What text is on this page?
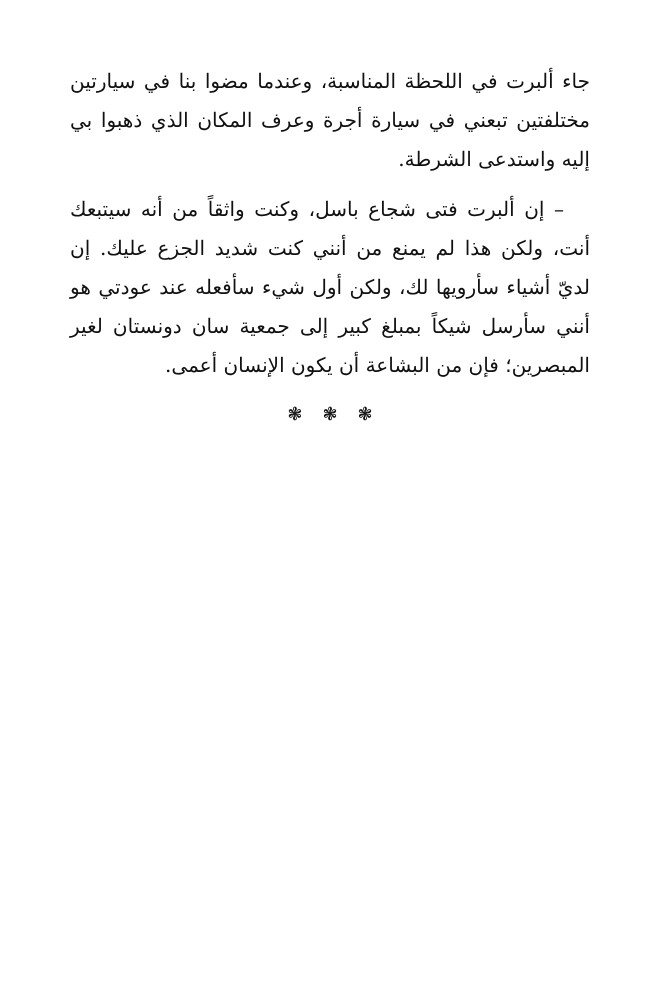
جاء ألبرت في اللحظة المناسبة، وعندما مضوا بنا في سيارتين مختلفتين تبعني في سيارة أجرة وعرف المكان الذي ذهبوا بي إليه واستدعى الشرطة.

– إن ألبرت فتى شجاع باسل، وكنت واثقاً من أنه سيتبعك أنت، ولكن هذا لم يمنع من أنني كنت شديد الجزع عليك. إن لديّ أشياء سأرويها لك، ولكن أول شيء سأفعله عند عودتي هو أنني سأرسل شيكاً بمبلغ كبير إلى جمعية سان دونستان لغير المبصرين؛ فإن من البشاعة أن يكون الإنسان أعمى.

❃❃❃
